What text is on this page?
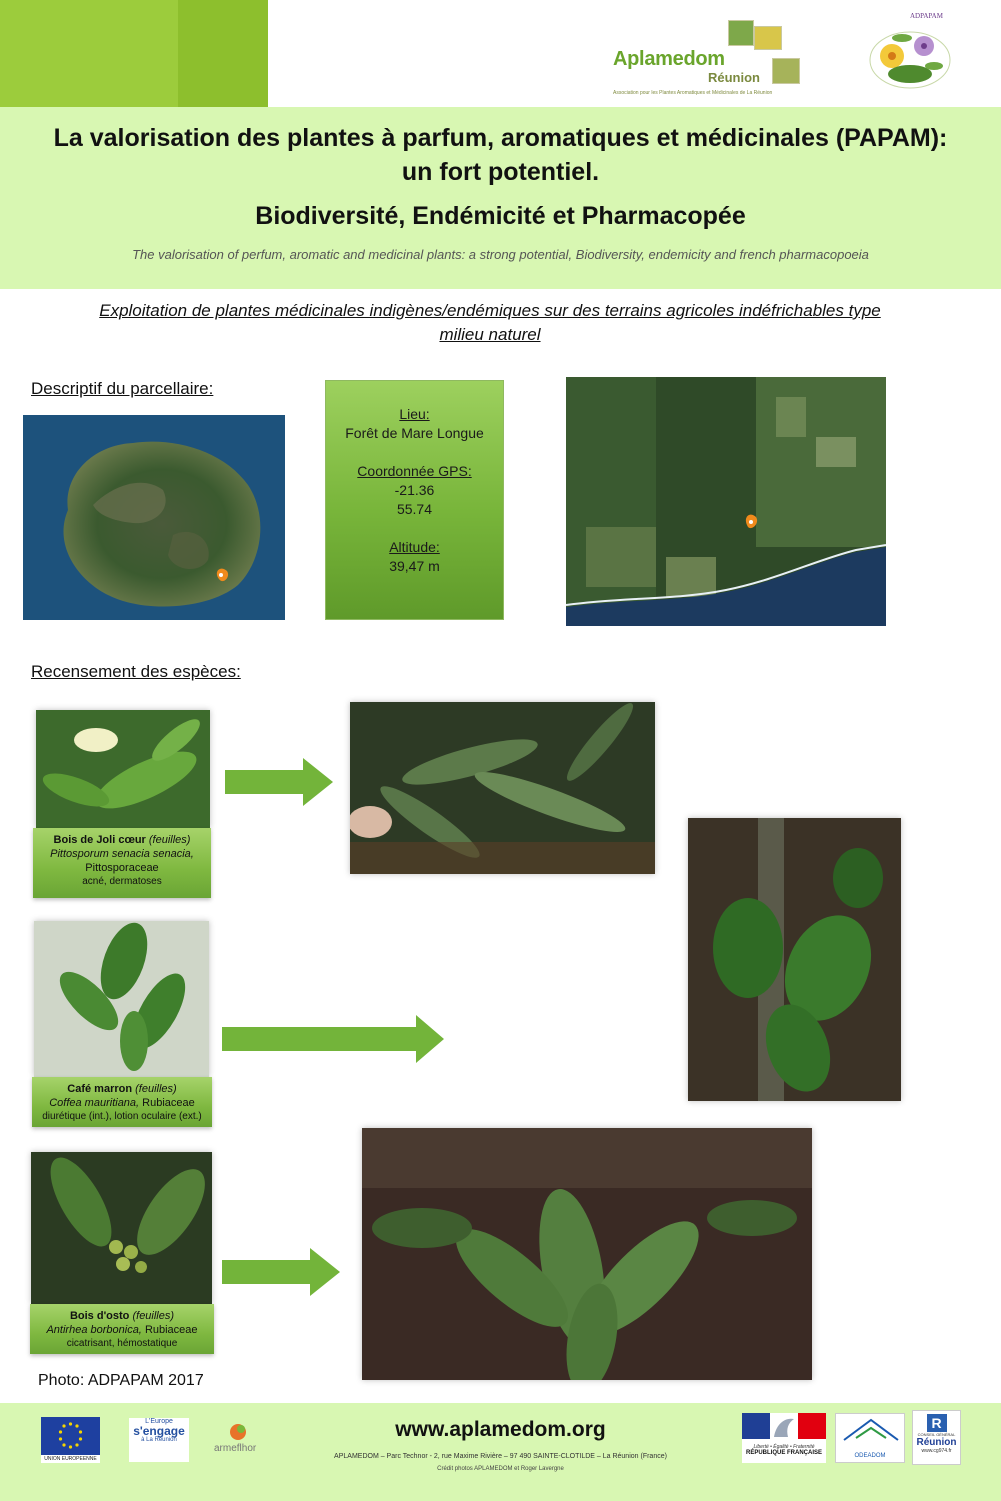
Aplamedom
Réunion
Association pour les Plantes Aromatiques et Médicinales de La Réunion
ADPAPAM
La valorisation des plantes à parfum, aromatiques et médicinales (PAPAM):
un fort potentiel.
Biodiversité, Endémicité et Pharmacopée
The valorisation of perfum, aromatic and medicinal plants: a strong potential, Biodiversity, endemicity and french pharmacopoeia
Exploitation de plantes médicinales indigènes/endémiques sur des terrains agricoles indéfrichables type
milieu naturel
Descriptif du parcellaire:
Lieu:
Forêt de Mare Longue
Coordonnée GPS:
-21.36
55.74
Altitude:
39,47 m
Recensement des espèces:
Bois de Joli cœur (feuilles)
Pittosporum senacia senacia,
Pittosporaceae
acné, dermatoses
Café marron (feuilles)
Coffea mauritiana, Rubiaceae
diurétique (int.), lotion oculaire (ext.)
Bois d'osto (feuilles)
Antirhea borbonica, Rubiaceae
cicatrisant, hémostatique
Photo: ADPAPAM 2017
UNION EUROPEENNE
L'Europe
s'engage
à La Réunion
armeflhor
www.aplamedom.org
APLAMEDOM – Parc Technor - 2, rue Maxime Rivière – 97 490 SAINTE-CLOTILDE – La Réunion (France)
Crédit photos APLAMEDOM et Roger Lavergne
Liberté • Égalité • Fraternité
RÉPUBLIQUE FRANÇAISE	ODEADOM
R
CONSEIL GÉNÉRAL
Réunion
www.cg974.fr
